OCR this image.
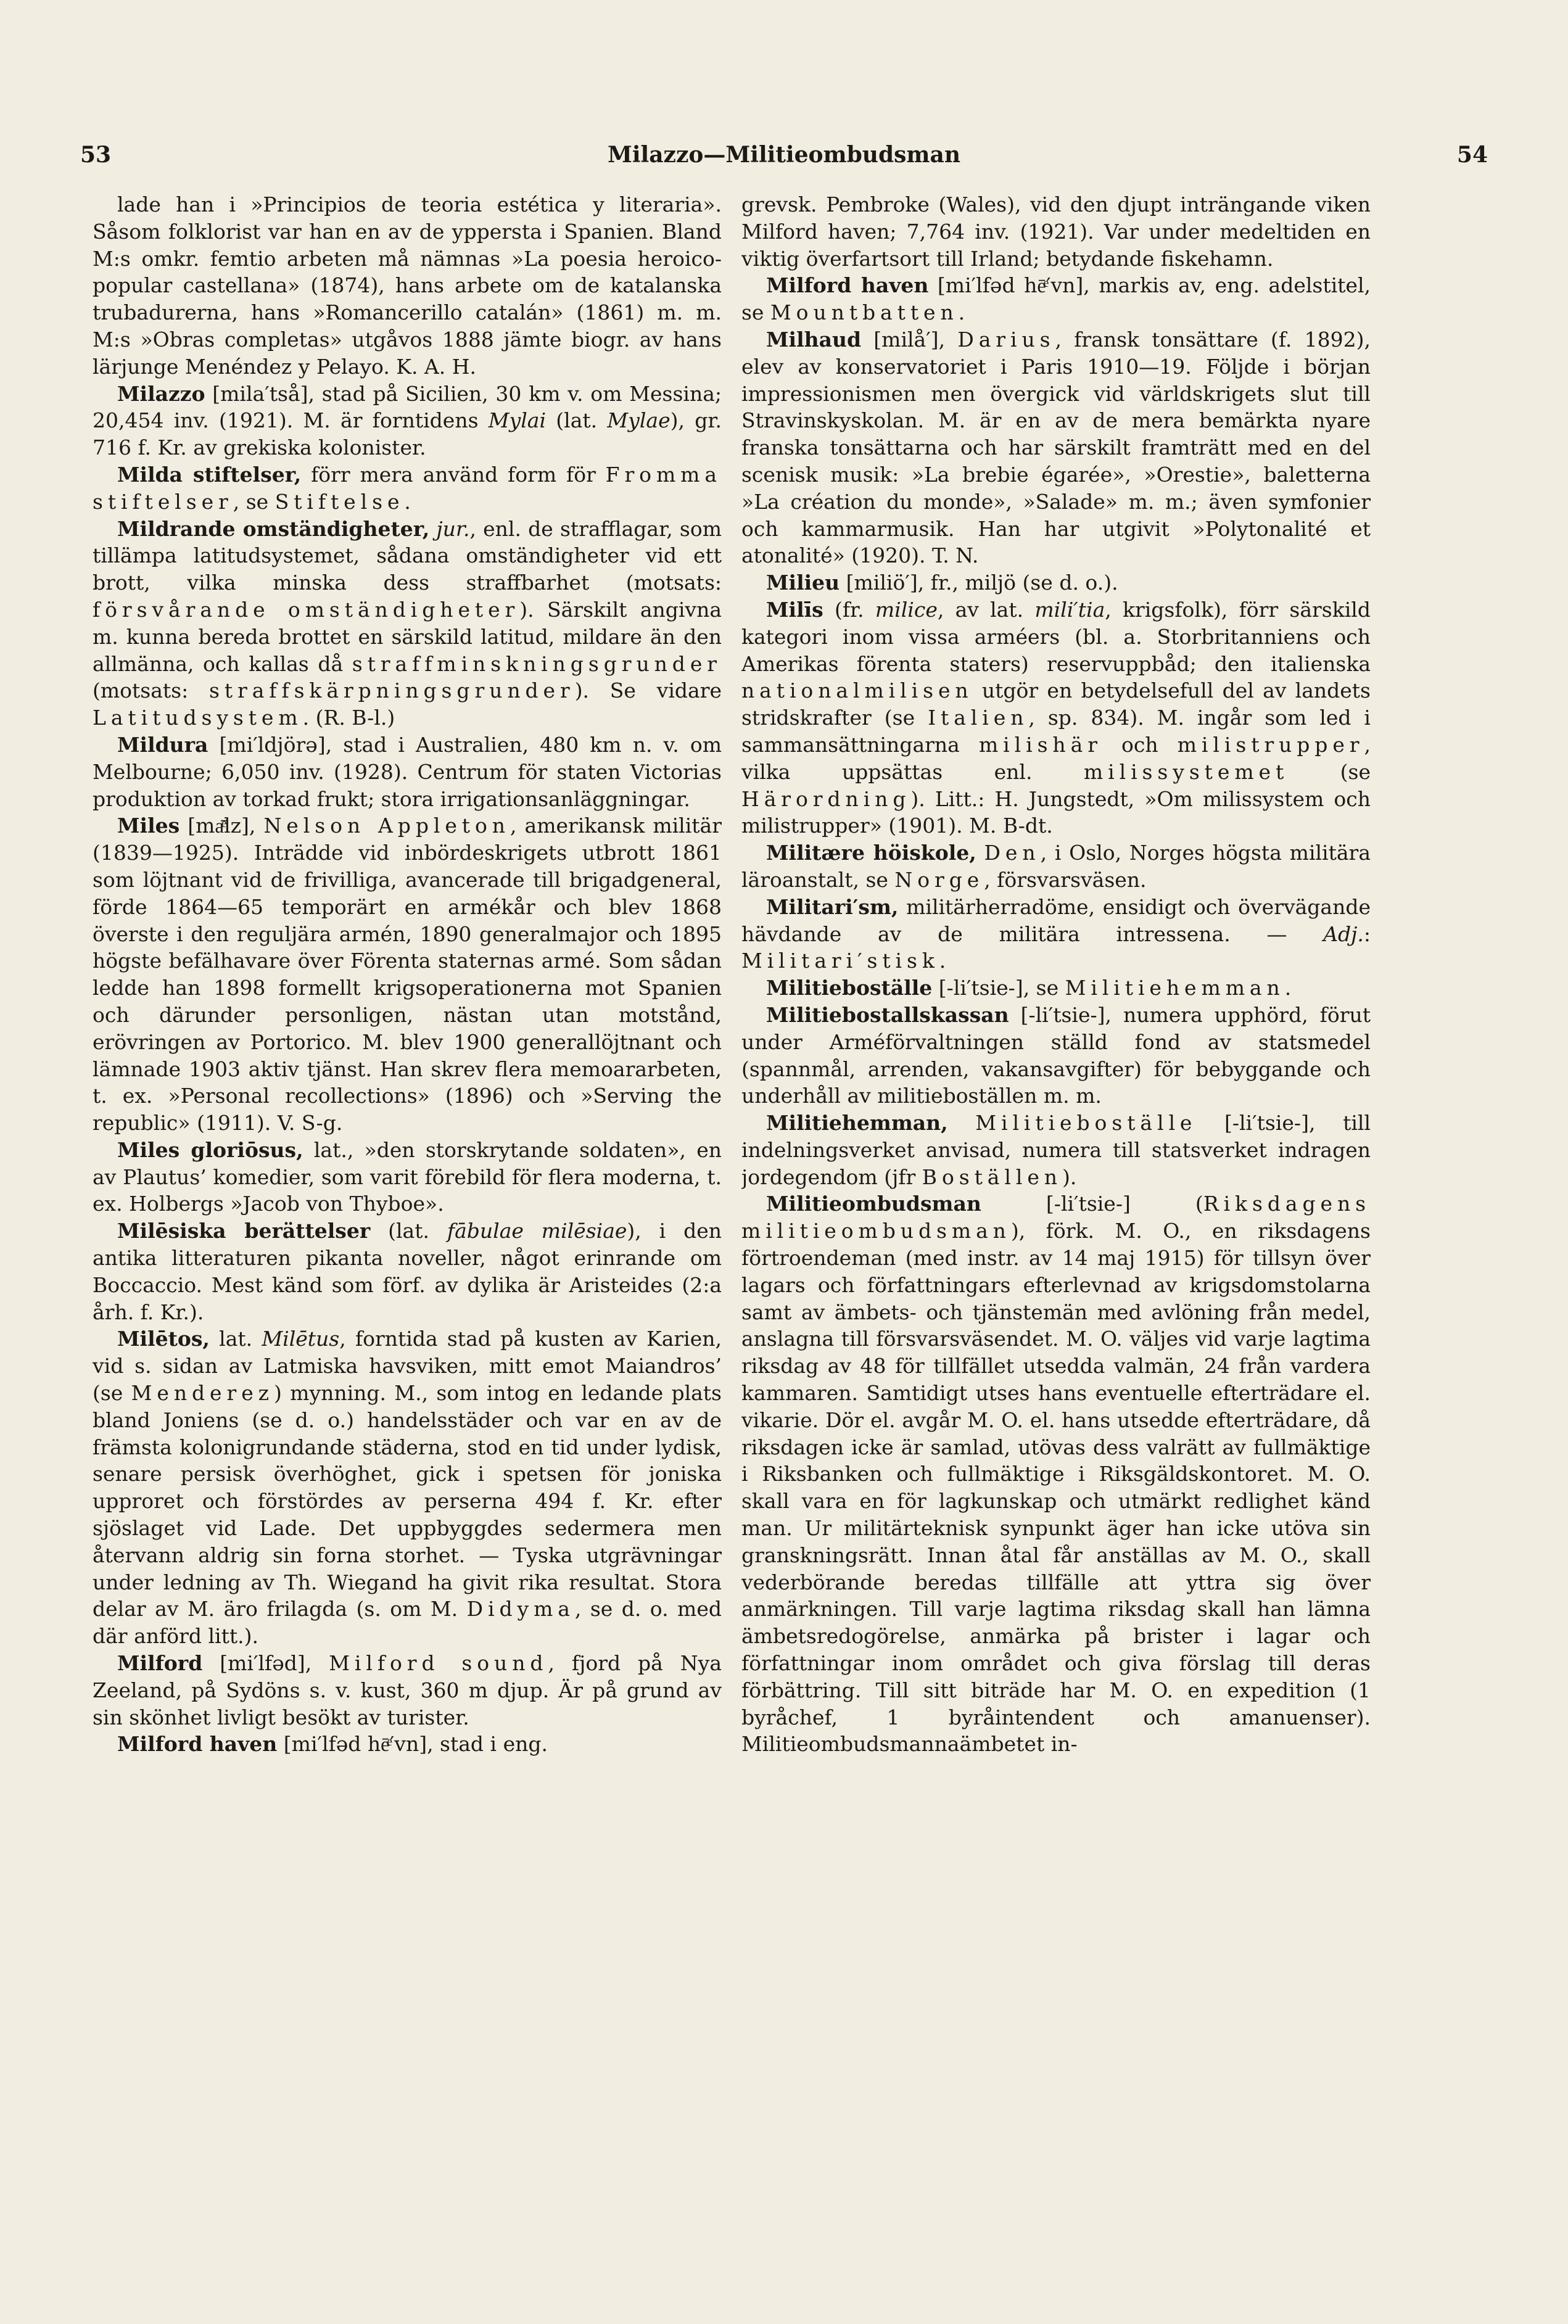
53	Milazzo—Militieombudsman	54

lade han i »Principios de teoria estética y literaria». Såsom folklorist var han en av de yppersta i Spanien. Bland M:s omkr. femtio arbeten må nämnas »La poesia heroico-popular castellana» (1874), hans arbete om de katalanska trubadurerna, hans »Romancerillo catalán» (1861) m. m. M:s »Obras completas» utgåvos 1888 jämte biogr. av hans lärjunge Menéndez y Pelayo. K. A. H.

Milazzo [mila′tså], stad på Sicilien, 30 km v. om Messina; 20,454 inv. (1921). M. är forntidens Mylai (lat. Mylae), gr. 716 f. Kr. av grekiska kolonister.

Milda stiftelser, förr mera använd form för Fromma stiftelser, se Stiftelse.

Mildrande omständigheter, jur., enl. de strafflagar, som tillämpa latitudsystemet, sådana omständigheter vid ett brott, vilka minska dess straffbarhet (motsats: försvårande omständigheter). Särskilt angivna m. kunna bereda brottet en särskild latitud, mildare än den allmänna, och kallas då straffminskningsgrunder (motsats: straffskärpningsgrunder). Se vidare Latitudsystem. (R. B-l.)

Mildura [mi′ldjörə], stad i Australien, 480 km n. v. om Melbourne; 6,050 inv. (1928). Centrum för staten Victorias produktion av torkad frukt; stora irrigationsanläggningar.

Miles [maͤ̄lz], Nelson Appleton, amerikansk militär (1839—1925). Inträdde vid inbördeskrigets utbrott 1861 som löjtnant vid de frivilliga, avancerade till brigadgeneral, förde 1864—65 temporärt en armékår och blev 1868 överste i den reguljära armén, 1890 generalmajor och 1895 högste befälhavare över Förenta staternas armé. Som sådan ledde han 1898 formellt krigsoperationerna mot Spanien och därunder personligen, nästan utan motstånd, erövringen av Portorico. M. blev 1900 generallöjtnant och lämnade 1903 aktiv tjänst. Han skrev flera memoararbeten, t. ex. »Personal recollections» (1896) och »Serving the republic» (1911). V. S-g.

Miles gloriōsus, lat., »den storskrytande soldaten», en av Plautus’ komedier, som varit förebild för flera moderna, t. ex. Holbergs »Jacob von Thyboe».

Milēsiska berättelser (lat. fābulae milēsiae), i den antika litteraturen pikanta noveller, något erinrande om Boccaccio. Mest känd som förf. av dylika är Aristeides (2:a årh. f. Kr.).

Milētos, lat. Milētus, forntida stad på kusten av Karien, vid s. sidan av Latmiska havsviken, mitt emot Maiandros’ (se Menderez) mynning. M., som intog en ledande plats bland Joniens (se d. o.) handelsstäder och var en av de främsta kolonigrundande städerna, stod en tid under lydisk, senare persisk överhöghet, gick i spetsen för joniska upproret och förstördes av perserna 494 f. Kr. efter sjöslaget vid Lade. Det uppbyggdes sedermera men återvann aldrig sin forna storhet. — Tyska utgrävningar under ledning av Th. Wiegand ha givit rika resultat. Stora delar av M. äro frilagda (s. om M. Didyma, se d. o. med där anförd litt.).

Milford [mi′lfəd], Milford sound, fjord på Nya Zeeland, på Sydöns s. v. kust, 360 m djup. Är på grund av sin skönhet livligt besökt av turister.

Milford haven [mi′lfəd hēͤ′vn], stad i eng.

grevsk. Pembroke (Wales), vid den djupt inträngande viken Milford haven; 7,764 inv. (1921). Var under medeltiden en viktig överfartsort till Irland; betydande fiskehamn.

Milford haven [mi′lfəd hēͤ′vn], markis av, eng. adelstitel, se Mountbatten.

Milhaud [milå′], Darius, fransk tonsättare (f. 1892), elev av konservatoriet i Paris 1910—19. Följde i början impressionismen men övergick vid världskrigets slut till Stravinskyskolan. M. är en av de mera bemärkta nyare franska tonsättarna och har särskilt framträtt med en del scenisk musik: »La brebie égarée», »Orestie», baletterna »La création du monde», »Salade» m. m.; även symfonier och kammarmusik. Han har utgivit »Polytonalité et atonalité» (1920). T. N.

Milieu [miliö′], fr., miljö (se d. o.).

Milīs (fr. milice, av lat. mili′tia, krigsfolk), förr särskild kategori inom vissa arméers (bl. a. Storbritanniens och Amerikas förenta staters) reservuppbåd; den italienska nationalmilisen utgör en betydelsefull del av landets stridskrafter (se Italien, sp. 834). M. ingår som led i sammansättningarna milishär och milistrupper, vilka uppsättas enl. milissystemet (se Härordning). Litt.: H. Jungstedt, »Om milissystem och milistrupper» (1901). M. B-dt.

Militære höiskole, Den, i Oslo, Norges högsta militära läroanstalt, se Norge, försvarsväsen.

Militari′sm, militärherradöme, ensidigt och övervägande hävdande av de militära intressena. — Adj.: Militari′stisk.

Militieboställe [-li′tsie-], se Militiehemman.

Militiebostallskassan [-li′tsie-], numera upphörd, förut under Arméförvaltningen ställd fond av statsmedel (spannmål, arrenden, vakansavgifter) för bebyggande och underhåll av militieboställen m. m.

Militiehemman, Militieboställe [-li′tsie-], till indelningsverket anvisad, numera till statsverket indragen jordegendom (jfr Boställen).

Militieombudsman [-li′tsie-] (Riksdagens militieombudsman), förk. M. O., en riksdagens förtroendeman (med instr. av 14 maj 1915) för tillsyn över lagars och författningars efterlevnad av krigsdomstolarna samt av ämbets- och tjänstemän med avlöning från medel, anslagna till försvarsväsendet. M. O. väljes vid varje lagtima riksdag av 48 för tillfället utsedda valmän, 24 från vardera kammaren. Samtidigt utses hans eventuelle efterträdare el. vikarie. Dör el. avgår M. O. el. hans utsedde efterträdare, då riksdagen icke är samlad, utövas dess valrätt av fullmäktige i Riksbanken och fullmäktige i Riksgäldskontoret. M. O. skall vara en för lagkunskap och utmärkt redlighet känd man. Ur militärteknisk synpunkt äger han icke utöva sin granskningsrätt. Innan åtal får anställas av M. O., skall vederbörande beredas tillfälle att yttra sig över anmärkningen. Till varje lagtima riksdag skall han lämna ämbetsredogörelse, anmärka på brister i lagar och författningar inom området och giva förslag till deras förbättring. Till sitt biträde har M. O. en expedition (1 byråchef, 1 byråintendent och amanuenser). Militieombudsmannaämbetet in-
